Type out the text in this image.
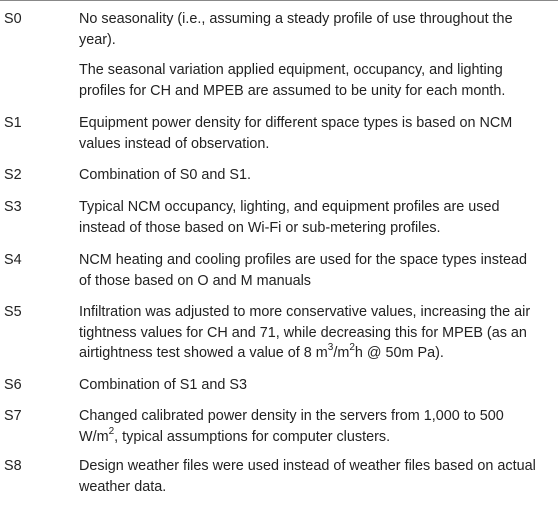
S0	No seasonality (i.e., assuming a steady profile of use throughout the
year).
The seasonal variation applied equipment, occupancy, and lighting
profiles for CH and MPEB are assumed to be unity for each month.
S1	Equipment power density for different space types is based on NCM
values instead of observation.
S2	Combination of S0 and S1.
S3	Typical NCM occupancy, lighting, and equipment profiles are used
instead of those based on Wi-Fi or sub-metering profiles.
S4	NCM heating and cooling profiles are used for the space types instead
of those based on O and M manuals
S5	Infiltration was adjusted to more conservative values, increasing the air
tightness values for CH and 71, while decreasing this for MPEB (as an
airtightness test showed a value of 8 $m^3/m^2h$ @ 50m Pa).
S6	Combination of S1 and S3
S7	Changed calibrated power density in the servers from 1,000 to 500
$W/m^2$, typical assumptions for computer clusters.
S8	Design weather files were used instead of weather files based on actual
weather data.
